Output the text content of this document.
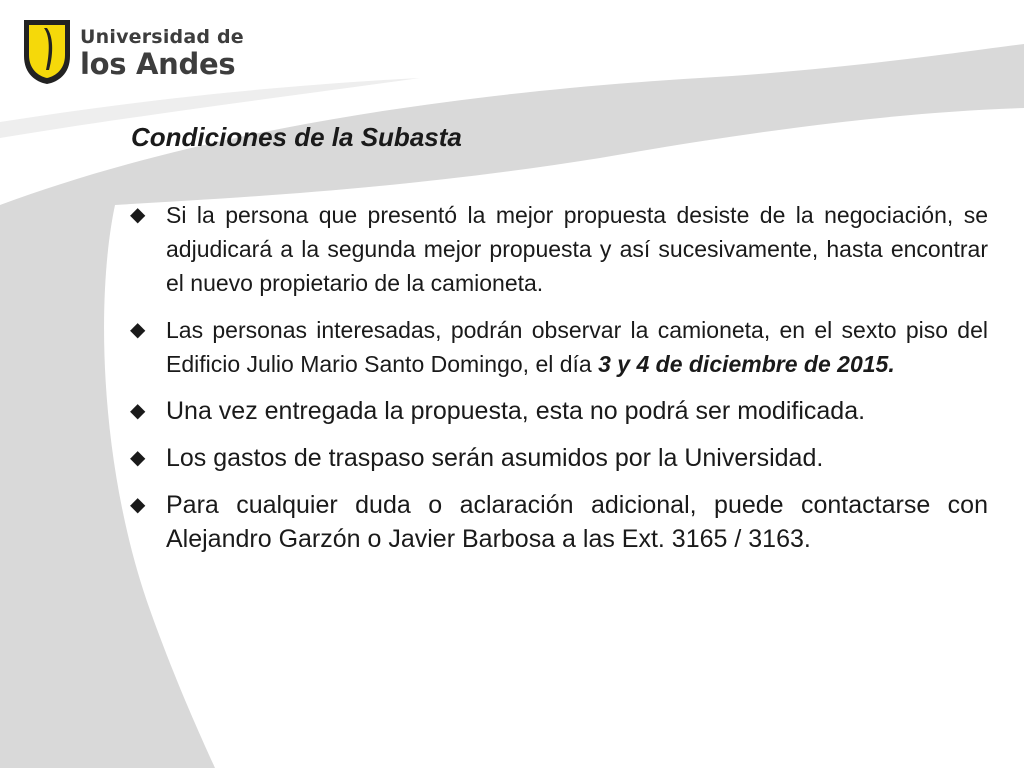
Universidad de
los Andes
Condiciones de la Subasta
◆ Si la persona que presentó la mejor propuesta desiste de la negociación, se adjudicará a la segunda mejor propuesta y así sucesivamente, hasta encontrar el nuevo propietario de la camioneta.
◆ Las personas interesadas, podrán observar la camioneta, en el sexto piso del Edificio Julio Mario Santo Domingo, el día 3 y 4 de diciembre de 2015.
◆ Una vez entregada la propuesta, esta no podrá ser modificada.
◆ Los gastos de traspaso serán asumidos por la Universidad.
◆ Para cualquier duda o aclaración adicional, puede contactarse con Alejandro Garzón o Javier Barbosa a las Ext. 3165 / 3163.
